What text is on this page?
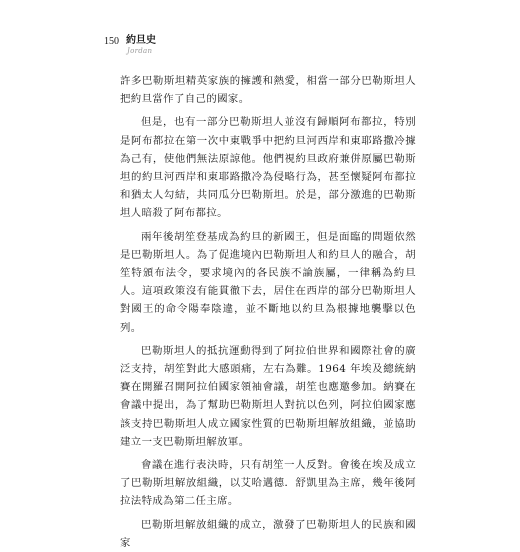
150 約旦史
Jordan

許多巴勒斯坦精英家族的擁護和熱愛，相當一部分巴勒斯坦人把約旦當作了自己的國家。

但是，也有一部分巴勒斯坦人並沒有歸順阿布都拉，特別是阿布都拉在第一次中東戰爭中把約旦河西岸和東耶路撒冷據為己有，使他們無法原諒他。他們視約旦政府兼併原屬巴勒斯坦的約旦河西岸和東耶路撒冷為侵略行為，甚至懷疑阿布都拉和猶太人勾結，共同瓜分巴勒斯坦。於是，部分激進的巴勒斯坦人暗殺了阿布都拉。

兩年後胡笙登基成為約旦的新國王，但是面臨的問題依然是巴勒斯坦人。為了促進境內巴勒斯坦人和約旦人的融合，胡笙特頒布法令，要求境內的各民族不論族屬，一律稱為約旦人。這項政策沒有能貫徹下去，居住在西岸的部分巴勒斯坦人對國王的命令陽奉陰違，並不斷地以約旦為根據地襲擊以色列。

巴勒斯坦人的抵抗運動得到了阿拉伯世界和國際社會的廣泛支持，胡笙對此大感頭痛，左右為難。1964 年埃及總統納賽在開羅召開阿拉伯國家領袖會議，胡笙也應邀參加。納賽在會議中提出，為了幫助巴勒斯坦人對抗以色列，阿拉伯國家應該支持巴勒斯坦人成立國家性質的巴勒斯坦解放組織，並協助建立一支巴勒斯坦解放軍。

會議在進行表決時，只有胡笙一人反對。會後在埃及成立了巴勒斯坦解放組織，以艾哈邁德．舒凱里為主席，幾年後阿拉法特成為第二任主席。

巴勒斯坦解放組織的成立，激發了巴勒斯坦人的民族和國家
